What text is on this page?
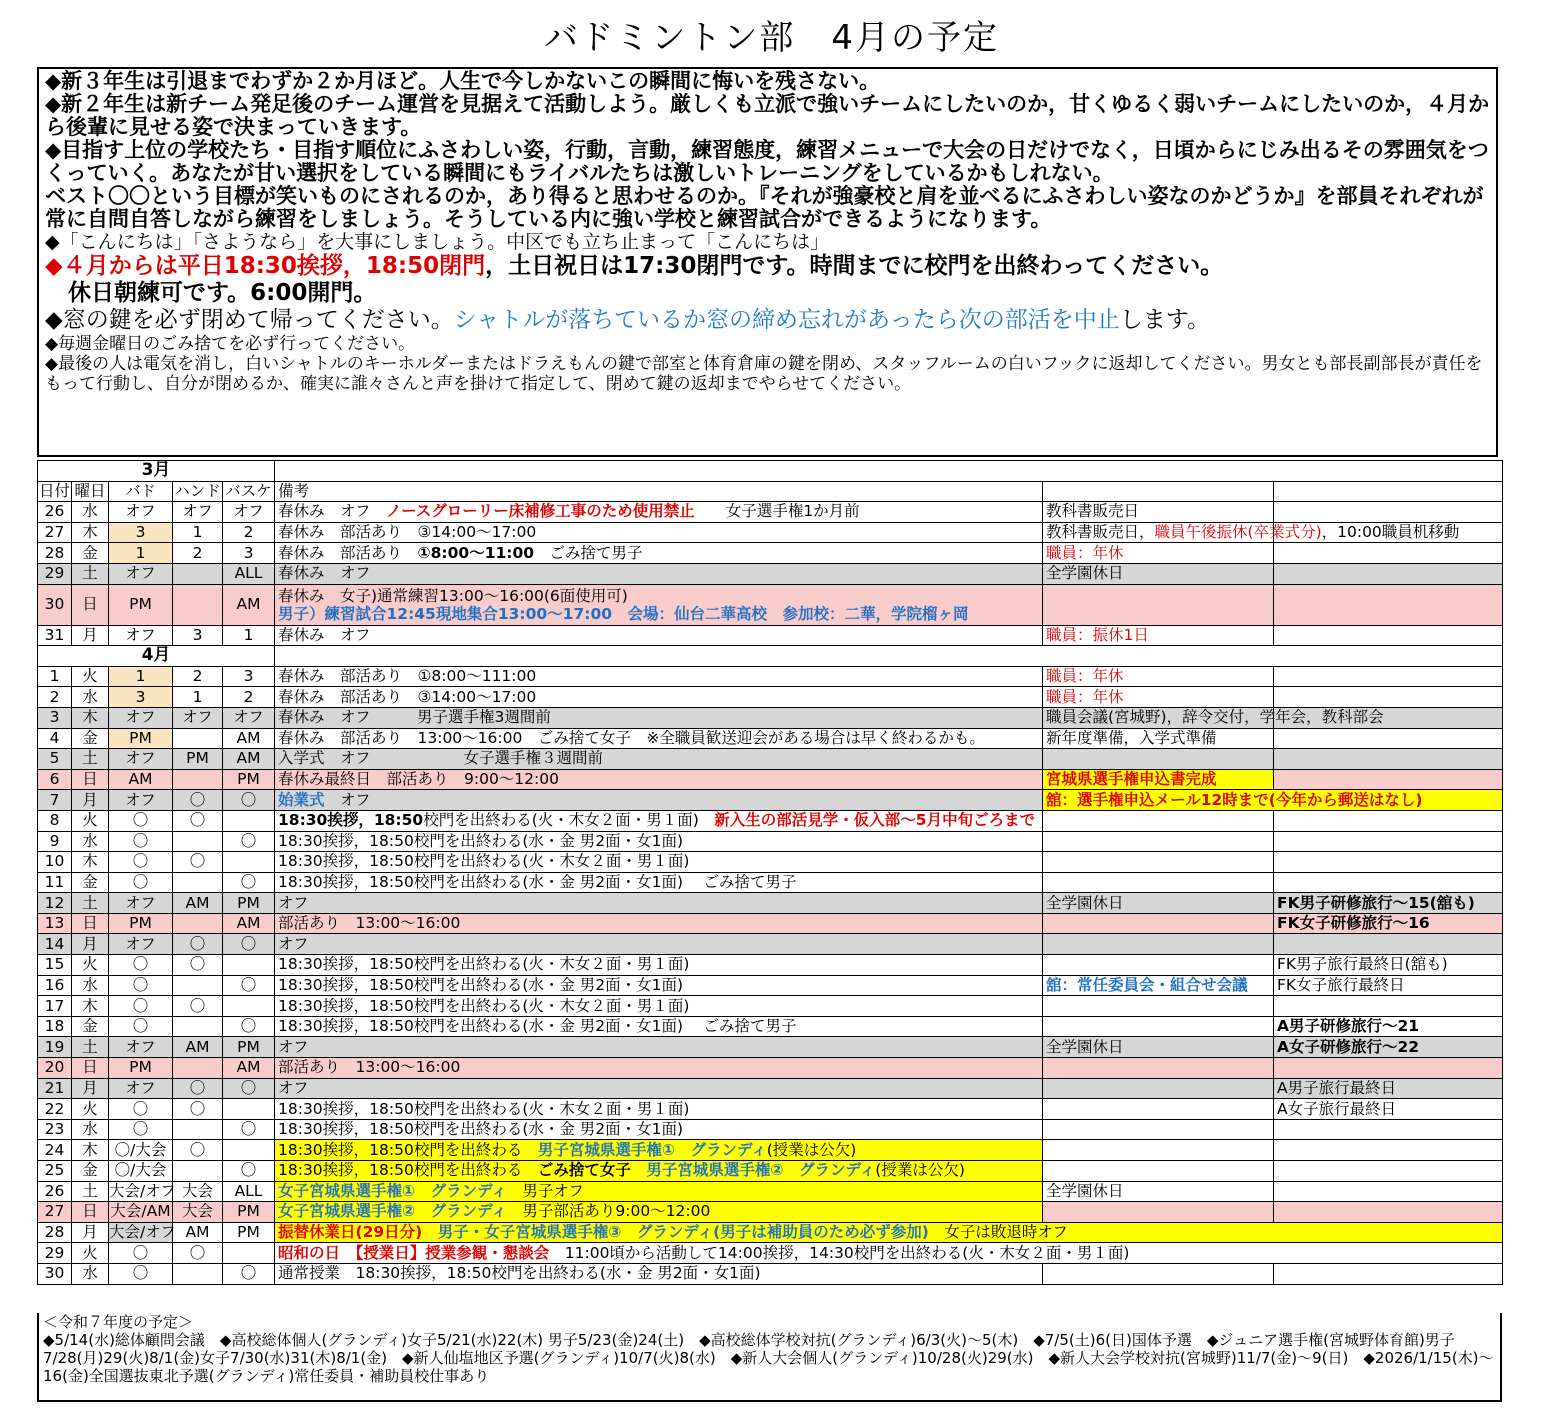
バドミントン部　4月の予定
◆新３年生は引退までわずか２か月ほど。人生で今しかないこの瞬間に悔いを残さない。
◆新２年生は新チーム発足後のチーム運営を見据えて活動しよう。厳しくも立派で強いチームにしたいのか，甘くゆるく弱いチームにしたいのか，４月から後輩に見せる姿で決まっていきます。
◆目指す上位の学校たち・目指す順位にふさわしい姿，行動，言動，練習態度，練習メニューで大会の日だけでなく，日頃からにじみ出るその雰囲気をつくっていく。あなたが甘い選択をしている瞬間にもライバルたちは激しいトレーニングをしているかもしれない。
ベスト〇〇という目標が笑いものにされるのか，あり得ると思わせるのか。『それが強豪校と肩を並べるにふさわしい姿なのかどうか』を部員それぞれが常に自問自答しながら練習をしましょう。そうしている内に強い学校と練習試合ができるようになります。
◆「こんにちは」「さようなら」を大事にしましょう。中区でも立ち止まって「こんにちは」
◆４月からは平日18:30挨拶，18:50閉門，土日祝日は17:30閉門です。時間までに校門を出終わってください。
　休日朝練可です。6:00開門。
◆窓の鍵を必ず閉めて帰ってください。シャトルが落ちているか窓の締め忘れがあったら次の部活を中止します。
◆毎週金曜日のごみ捨てを必ず行ってください。
◆最後の人は電気を消し，白いシャトルのキーホルダーまたはドラえもんの鍵で部室と体育倉庫の鍵を閉め、スタッフルームの白いフックに返却してください。男女とも部長副部長が責任をもって行動し、自分が閉めるか、確実に誰々さんと声を掛けて指定して、閉めて鍵の返却までやらせてください。
3月							
日付	曜日	バド	ハンド	バスケ	備考		
26	水	オフ	オフ	オフ	春休み　オフ　ノースグローリー床補修工事のため使用禁止　　女子選手権1か月前	教科書販売日	
27	木	3	1	2	春休み　部活あり　③14:00～17:00	教科書販売日，職員午後振休(卒業式分)，10:00職員机移動	
28	金	1	2	3	春休み　部活あり　①8:00～11:00　ごみ捨て男子	職員：年休	
29	土	オフ		ALL	春休み　オフ	全学園休日	
30	日	PM		AM	春休み　女子)通常練習13:00～16:00(6面使用可)
男子）練習試合12:45現地集合13:00～17:00　会場：仙台二華高校　参加校：二華，学院榴ヶ岡		
31	月	オフ	3	1	春休み　オフ	職員：振休1日	
4月							
1	火	1	2	3	春休み　部活あり　①8:00～111:00	職員：年休	
2	水	3	1	2	春休み　部活あり　③14:00～17:00	職員：年休	
3	木	オフ	オフ	オフ	春休み　オフ　　　男子選手権3週間前	職員会議(宮城野)，辞令交付，学年会，教科部会	
4	金	PM		AM	春休み　部活あり　13:00～16:00　ごみ捨て女子　※全職員歓送迎会がある場合は早く終わるかも。	新年度準備，入学式準備	
5	土	オフ	PM	AM	入学式　オフ　　　　　　女子選手権３週間前		
6	日	AM		PM	春休み最終日　部活あり　9:00～12:00	宮城県選手権申込書完成	
7	月	オフ	〇	〇	始業式　オフ	舘：選手権申込メール12時まで(今年から郵送はなし)	
8	火	〇	〇		18:30挨拶，18:50校門を出終わる(火・木女２面・男１面)　新入生の部活見学・仮入部～5月中旬ごろまで		
9	水	〇		〇	18:30挨拶，18:50校門を出終わる(水・金 男2面・女1面)		
10	木	〇	〇		18:30挨拶，18:50校門を出終わる(火・木女２面・男１面)		
11	金	〇		〇	18:30挨拶，18:50校門を出終わる(水・金 男2面・女1面)　 ごみ捨て男子		
12	土	オフ	AM	PM	オフ	全学園休日	FK男子研修旅行～15(舘も)
13	日	PM		AM	部活あり　13:00～16:00		FK女子研修旅行～16
14	月	オフ	〇	〇	オフ		
15	火	〇	〇		18:30挨拶，18:50校門を出終わる(火・木女２面・男１面)		FK男子旅行最終日(舘も)
16	水	〇		〇	18:30挨拶，18:50校門を出終わる(水・金 男2面・女1面)	舘：常任委員会・組合せ会議	FK女子旅行最終日
17	木	〇	〇		18:30挨拶，18:50校門を出終わる(火・木女２面・男１面)		
18	金	〇		〇	18:30挨拶，18:50校門を出終わる(水・金 男2面・女1面)　 ごみ捨て男子		A男子研修旅行～21
19	土	オフ	AM	PM	オフ	全学園休日	A女子研修旅行～22
20	日	PM		AM	部活あり　13:00～16:00		
21	月	オフ	〇	〇	オフ		A男子旅行最終日
22	火	〇	〇		18:30挨拶，18:50校門を出終わる(火・木女２面・男１面)		A女子旅行最終日
23	水	〇		〇	18:30挨拶，18:50校門を出終わる(水・金 男2面・女1面)		
24	木	〇/大会	〇		18:30挨拶，18:50校門を出終わる　男子宮城県選手権①　グランディ(授業は公欠)		
25	金	〇/大会		〇	18:30挨拶，18:50校門を出終わる　ごみ捨て女子　 男子宮城県選手権②　グランディ(授業は公欠)		
26	土	大会/オフ	大会	ALL	女子宮城県選手権①　グランディ　男子オフ	全学園休日	
27	日	大会/AM	大会	PM	女子宮城県選手権②　グランディ　男子部活あり9:00～12:00		
28	月	大会/オフ	AM	PM	振替休業日(29日分)　男子・女子宮城県選手権③　グランディ(男子は補助員のため必ず参加)　女子は敗退時オフ		
29	火	〇	〇		昭和の日　【授業日】授業参観・懇談会　11:00頃から活動して14:00挨拶，14:30校門を出終わる(火・木女２面・男１面)		
30	水	〇		〇	通常授業　18:30挨拶，18:50校門を出終わる(水・金 男2面・女1面)		
＜令和７年度の予定＞
◆5/14(水)総体顧問会議　◆高校総体個人(グランディ)女子5/21(水)22(木) 男子5/23(金)24(土)　◆高校総体学校対抗(グランディ)6/3(火)～5(木)　◆7/5(土)6(日)国体予選　◆ジュニア選手権(宮城野体育館)男子7/28(月)29(火)8/1(金)女子7/30(水)31(木)8/1(金)　◆新人仙塩地区予選(グランディ)10/7(火)8(水)　◆新人大会個人(グランディ)10/28(火)29(水)　◆新人大会学校対抗(宮城野)11/7(金)～9(日)　◆2026/1/15(木)～16(金)全国選抜東北予選(グランディ)常任委員・補助員校仕事あり
